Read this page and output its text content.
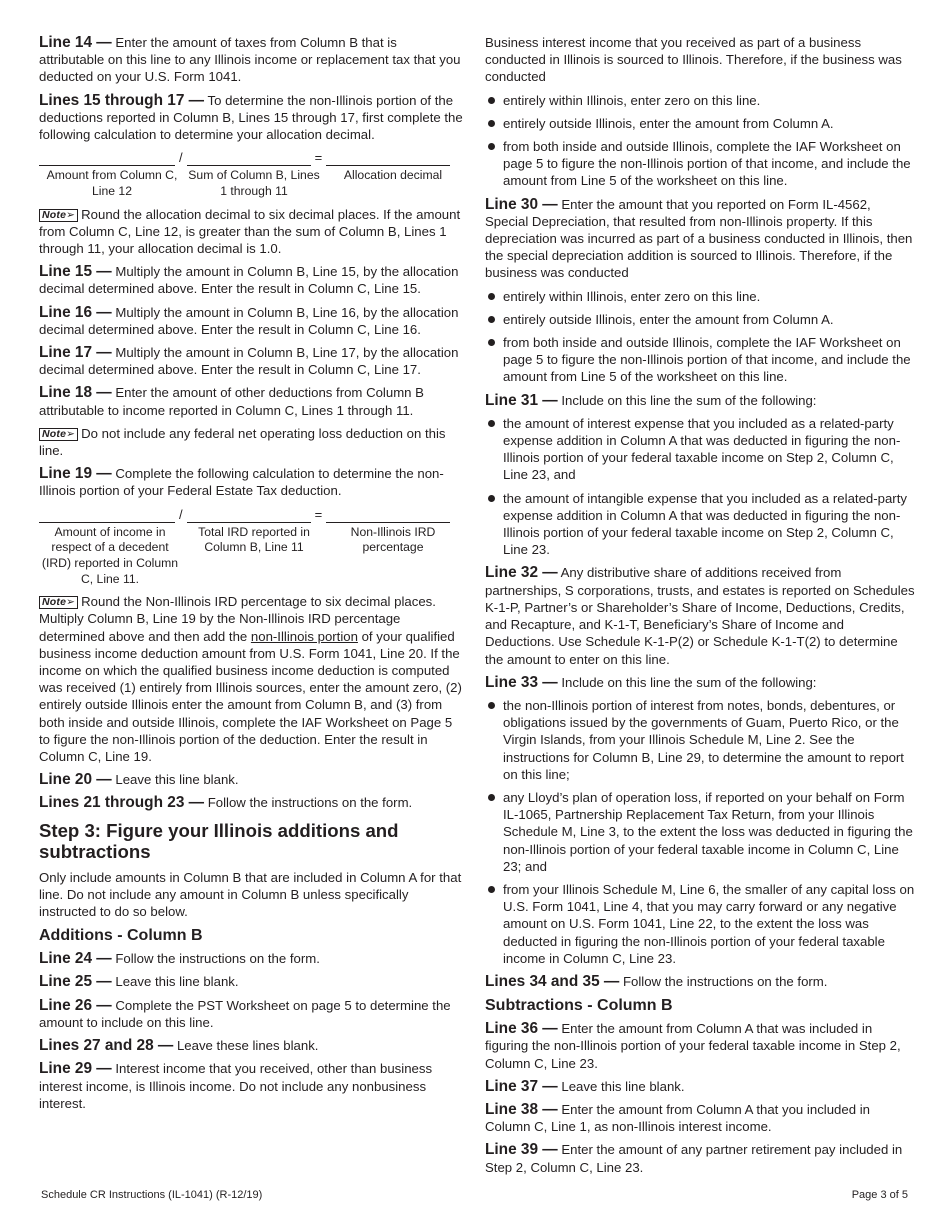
Line 14 — Enter the amount of taxes from Column B that is attributable on this line to any Illinois income or replacement tax that you deducted on your U.S. Form 1041.

Lines 15 through 17 — To determine the non-Illinois portion of the deductions reported in Column B, Lines 15 through 17, first complete the following calculation to determine your allocation decimal.

/	=
Amount from Column C, Line 12
Sum of Column B, Lines 1 through 11
Allocation decimal

Note➢ Round the allocation decimal to six decimal places. If the amount from Column C, Line 12, is greater than the sum of Column B, Lines 1 through 11, your allocation decimal is 1.0.

Line 15 — Multiply the amount in Column B, Line 15, by the allocation decimal determined above. Enter the result in Column C, Line 15.

Line 16 — Multiply the amount in Column B, Line 16, by the allocation decimal determined above. Enter the result in Column C, Line 16.

Line 17 — Multiply the amount in Column B, Line 17, by the allocation decimal determined above. Enter the result in Column C, Line 17.

Line 18 — Enter the amount of other deductions from Column B attributable to income reported in Column C, Lines 1 through 11.

Note➢ Do not include any federal net operating loss deduction on this line.

Line 19 — Complete the following calculation to determine the non-Illinois portion of your Federal Estate Tax deduction.

/	=
Amount of income in respect of a decedent (IRD) reported in Column C, Line 11.
Total IRD reported in Column B, Line 11
Non-Illinois IRD percentage

Note➢ Round the Non-Illinois IRD percentage to six decimal places. Multiply Column B, Line 19 by the Non-Illinois IRD percentage determined above and then add the non-Illinois portion of your qualified business income deduction amount from U.S. Form 1041, Line 20. If the income on which the qualified business income deduction is computed was received (1) entirely from Illinois sources, enter the amount zero, (2) entirely outside Illinois enter the amount from Column B, and (3) from both inside and outside Illinois, complete the IAF Worksheet on Page 5 to figure the non-Illinois portion of the deduction. Enter the result in Column C, Line 19.

Line 20 — Leave this line blank.

Lines 21 through 23 — Follow the instructions on the form.

Step 3: Figure your Illinois additions and subtractions

Only include amounts in Column B that are included in Column A for that line. Do not include any amount in Column B unless specifically instructed to do so below.

Additions - Column B

Line 24 — Follow the instructions on the form.

Line 25 — Leave this line blank.

Line 26 — Complete the PST Worksheet on page 5 to determine the amount to include on this line.

Lines 27 and 28 — Leave these lines blank.

Line 29 — Interest income that you received, other than business interest income, is Illinois income. Do not include any nonbusiness interest.

Business interest income that you received as part of a business conducted in Illinois is sourced to Illinois. Therefore, if the business was conducted

entirely within Illinois, enter zero on this line.
entirely outside Illinois, enter the amount from Column A.
from both inside and outside Illinois, complete the IAF Worksheet on page 5 to figure the non-Illinois portion of that income, and include the amount from Line 5 of the worksheet on this line.

Line 30 — Enter the amount that you reported on Form IL-4562, Special Depreciation, that resulted from non-Illinois property. If this depreciation was incurred as part of a business conducted in Illinois, then the special depreciation addition is sourced to Illinois. Therefore, if the business was conducted

entirely within Illinois, enter zero on this line.
entirely outside Illinois, enter the amount from Column A.
from both inside and outside Illinois, complete the IAF Worksheet on page 5 to figure the non-Illinois portion of that income, and include the amount from Line 5 of the worksheet on this line.

Line 31 — Include on this line the sum of the following:

the amount of interest expense that you included as a related-party expense addition in Column A that was deducted in figuring the non-Illinois portion of your federal taxable income on Step 2, Column C, Line 23, and
the amount of intangible expense that you included as a related-party expense addition in Column A that was deducted in figuring the non-Illinois portion of your federal taxable income on Step 2, Column C, Line 23.

Line 32 — Any distributive share of additions received from partnerships, S corporations, trusts, and estates is reported on Schedules K-1-P, Partner’s or Shareholder’s Share of Income, Deductions, Credits, and Recapture, and K-1-T, Beneficiary’s Share of Income and Deductions. Use Schedule K-1-P(2) or Schedule K-1-T(2) to determine the amount to enter on this line.

Line 33 — Include on this line the sum of the following:

the non-Illinois portion of interest from notes, bonds, debentures, or obligations issued by the governments of Guam, Puerto Rico, or the Virgin Islands, from your Illinois Schedule M, Line 2. See the instructions for Column B, Line 29, to determine the amount to report on this line;
any Lloyd’s plan of operation loss, if reported on your behalf on Form IL-1065, Partnership Replacement Tax Return, from your Illinois Schedule M, Line 3, to the extent the loss was deducted in figuring the non-Illinois portion of your federal taxable income in Column C, Line 23; and
from your Illinois Schedule M, Line 6, the smaller of any capital loss on U.S. Form 1041, Line 4, that you may carry forward or any negative amount on U.S. Form 1041, Line 22, to the extent the loss was deducted in figuring the non-Illinois portion of your federal taxable income in Column C, Line 23.

Lines 34 and 35 — Follow the instructions on the form.

Subtractions - Column B

Line 36 — Enter the amount from Column A that was included in figuring the non-Illinois portion of your federal taxable income in Step 2, Column C, Line 23.

Line 37 — Leave this line blank.

Line 38 — Enter the amount from Column A that you included in Column C, Line 1, as non-Illinois interest income.

Line 39 — Enter the amount of any partner retirement pay included in Step 2, Column C, Line 23.

Schedule CR Instructions (IL-1041) (R-12/19)	Page 3 of 5
